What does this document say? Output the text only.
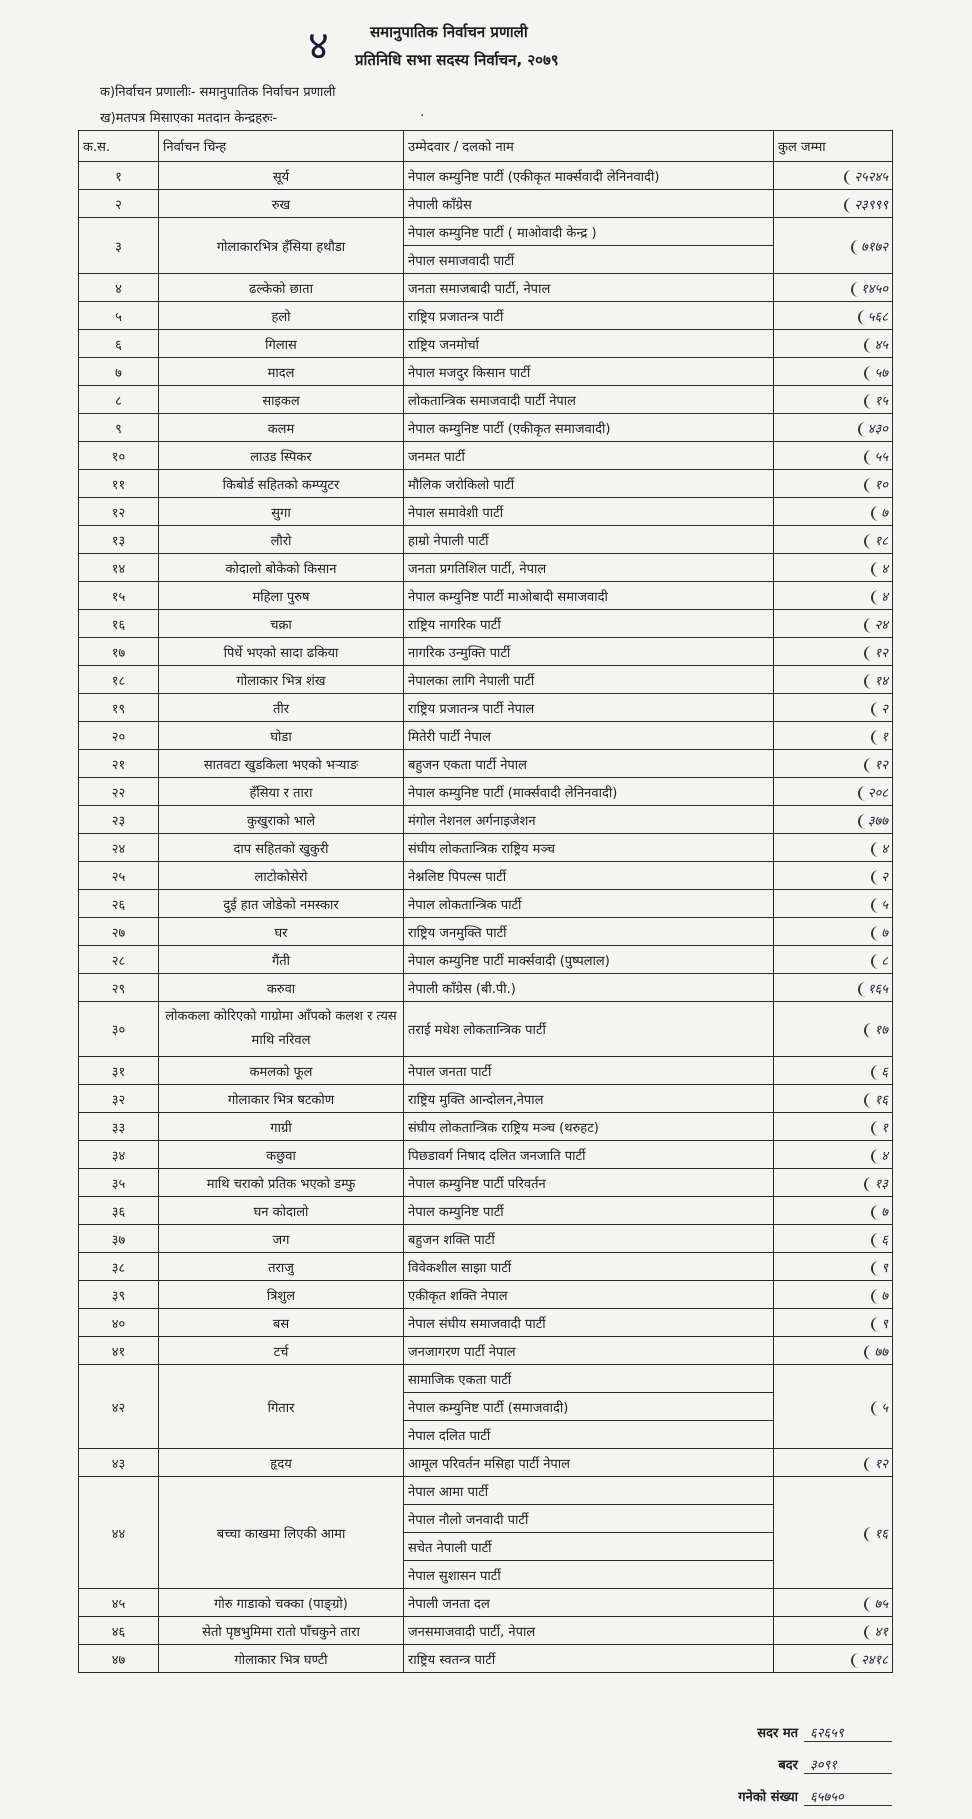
४	समानुपातिक निर्वाचन प्रणाली
प्रतिनिधि सभा सदस्य निर्वाचन, २०७९
क)निर्वाचन प्रणालीः- समानुपातिक निर्वाचन प्रणाली
ख)मतपत्र मिसाएका मतदान केन्द्रहरुः-	·
क.स.	निर्वाचन चिन्ह	उम्मेदवार / दलको नाम	कुल जम्मा
१	सूर्य	नेपाल कम्युनिष्ट पार्टी (एकीकृत मार्क्सवादी लेनिनवादी)	२५२४५
२	रुख	नेपाली काँग्रेस	२३९९९
३	गोलाकारभित्र हँसिया हथौडा	नेपाल कम्युनिष्ट पार्टी ( माओवादी केन्द्र )	७१७२
		नेपाल समाजवादी पार्टी	
४	ढल्केको छाता	जनता समाजबादी पार्टी, नेपाल	१४५०
५	हलो	राष्ट्रिय प्रजातन्त्र पार्टी	५६८
६	गिलास	राष्ट्रिय जनमोर्चा	४५
७	मादल	नेपाल मजदुर किसान पार्टी	५७
८	साइकल	लोकतान्त्रिक समाजवादी पार्टी नेपाल	१५
९	कलम	नेपाल कम्युनिष्ट पार्टी (एकीकृत समाजवादी)	४३०
१०	लाउड स्पिकर	जनमत पार्टी	५५
११	किबोर्ड सहितको कम्प्युटर	मौलिक जरोकिलो पार्टी	१०
१२	सुगा	नेपाल समावेशी पार्टी	७
१३	लौरो	हाम्रो नेपाली पार्टी	१८
१४	कोदालो बोकेको किसान	जनता प्रगतिशिल पार्टी, नेपाल	४
१५	महिला पुरुष	नेपाल कम्युनिष्ट पार्टी माओबादी समाजवादी	४
१६	चक्रा	राष्ट्रिय नागरिक पार्टी	२४
१७	पिर्धे भएको सादा ढकिया	नागरिक उन्मुक्ति पार्टी	१२
१८	गोलाकार भित्र शंख	नेपालका लागि नेपाली पार्टी	१४
१९	तीर	राष्ट्रिय प्रजातन्त्र पार्टी नेपाल	२
२०	घोडा	मितेरी पार्टी नेपाल	१
२१	सातवटा खुडकिला भएको भऱ्याङ	बहुजन एकता पार्टी नेपाल	१२
२२	हँसिया र तारा	नेपाल कम्युनिष्ट पार्टी (मार्क्सवादी लेनिनवादी)	२०८
२३	कुखुराको भाले	मंगोल नेशनल अर्गनाइजेशन	३७७
२४	दाप सहितको खुकुरी	संघीय लोकतान्त्रिक राष्ट्रिय मञ्च	४
२५	लाटोकोसेरो	नेश्नलिष्ट पिपल्स पार्टी	२
२६	दुई हात जोडेको नमस्कार	नेपाल लोकतान्त्रिक पार्टी	५
२७	घर	राष्ट्रिय जनमुक्ति पार्टी	७
२८	गैंती	नेपाल कम्युनिष्ट पार्टी मार्क्सवादी (पुष्पलाल)	८
२९	करुवा	नेपाली काँग्रेस (बी.पी.)	१६५
३०	लोककला कोरिएको गाग्रोमा आँपको कलश र त्यस माथि नरिवल	तराई मधेश लोकतान्त्रिक पार्टी	१७
३१	कमलको फूल	नेपाल जनता पार्टी	६
३२	गोलाकार भित्र षटकोण	राष्ट्रिय मुक्ति आन्दोलन,नेपाल	१६
३३	गाग्री	संघीय लोकतान्त्रिक राष्ट्रिय मञ्च (थरुहट)	१
३४	कछुवा	पिछडावर्ग निषाद दलित जनजाति पार्टी	४
३५	माथि चराको प्रतिक भएको डम्फु	नेपाल कम्युनिष्ट पार्टी परिवर्तन	१३
३६	घन कोदालो	नेपाल कम्युनिष्ट पार्टी	७
३७	जग	बहुजन शक्ति पार्टी	६
३८	तराजु	विवेकशील साझा पार्टी	९
३९	त्रिशुल	एकीकृत शक्ति नेपाल	७
४०	बस	नेपाल संघीय समाजवादी पार्टी	९
४१	टर्च	जनजागरण पार्टी नेपाल	७७
४२	गितार	सामाजिक एकता पार्टी	५
		नेपाल कम्युनिष्ट पार्टी (समाजवादी)	
		नेपाल दलित पार्टी	
४३	हृदय	आमूल परिवर्तन मसिहा पार्टी नेपाल	१२
४४	बच्चा काखमा लिएकी आमा	नेपाल आमा पार्टी	१६
		नेपाल नौलो जनवादी पार्टी	
		सचेत नेपाली पार्टी	
		नेपाल सुशासन पार्टी	
४५	गोरु गाडाको चक्का (पाङ्ग्रो)	नेपाली जनता दल	७५
४६	सेतो पृष्ठभुमिमा रातो पाँचकुने तारा	जनसमाजवादी पार्टी, नेपाल	४१
४७	गोलाकार भित्र घण्टी	राष्ट्रिय स्वतन्त्र पार्टी	२४१८
सदर मत ६२६५९
बदर ३०९१
गनेको संख्या ६५७५०
